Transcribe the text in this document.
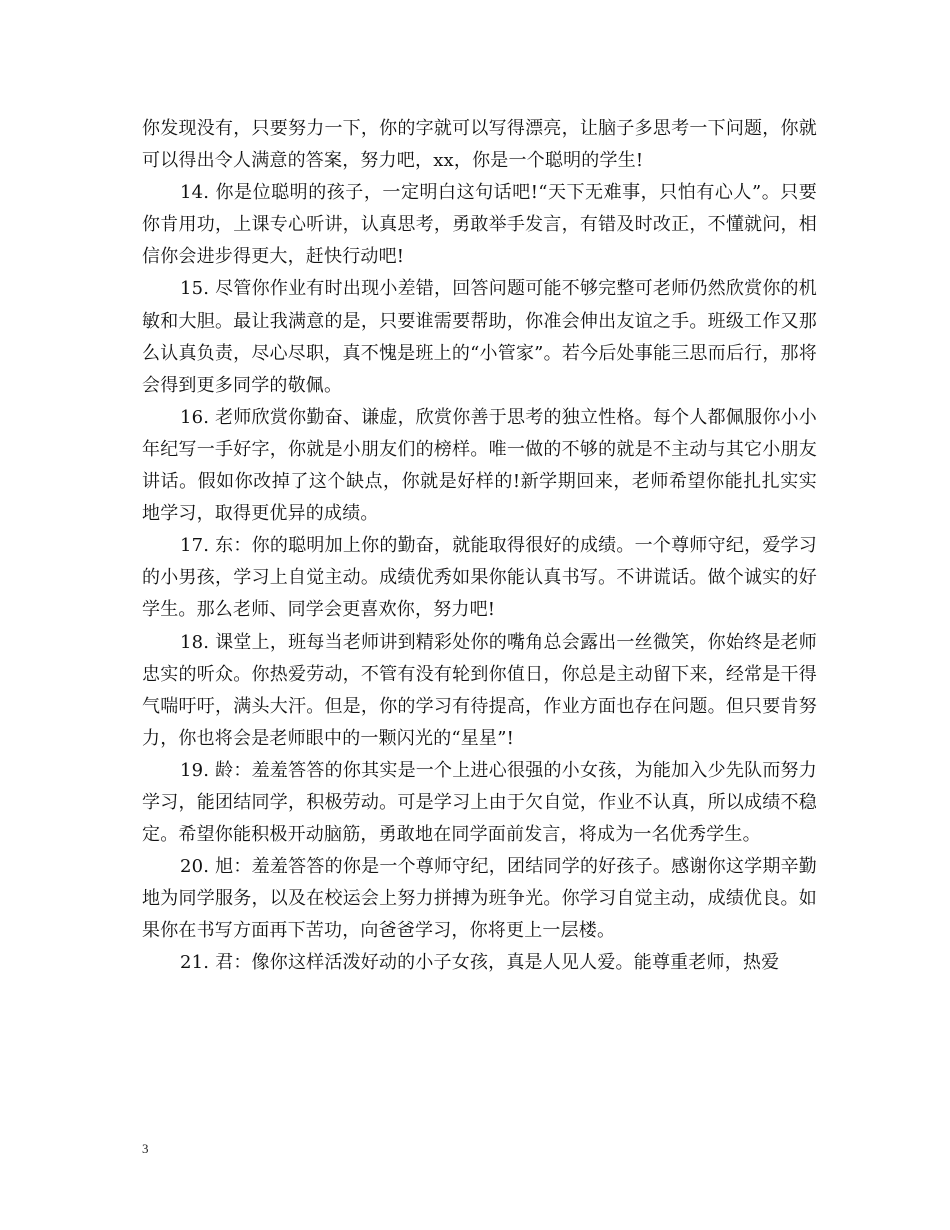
你发现没有，只要努力一下，你的字就可以写得漂亮，让脑子多思考一下问题，你就可以得出令人满意的答案，努力吧，xx，你是一个聪明的学生!

14. 你是位聪明的孩子，一定明白这句话吧!“天下无难事，只怕有心人”。只要你肯用功，上课专心听讲，认真思考，勇敢举手发言，有错及时改正，不懂就问，相信你会进步得更大，赶快行动吧!

15. 尽管你作业有时出现小差错，回答问题可能不够完整可老师仍然欣赏你的机敏和大胆。最让我满意的是，只要谁需要帮助，你准会伸出友谊之手。班级工作又那么认真负责，尽心尽职，真不愧是班上的“小管家”。若今后处事能三思而后行，那将会得到更多同学的敬佩。

16. 老师欣赏你勤奋、谦虚，欣赏你善于思考的独立性格。每个人都佩服你小小年纪写一手好字，你就是小朋友们的榜样。唯一做的不够的就是不主动与其它小朋友讲话。假如你改掉了这个缺点，你就是好样的!新学期回来，老师希望你能扎扎实实地学习，取得更优异的成绩。

17. 东：你的聪明加上你的勤奋，就能取得很好的成绩。一个尊师守纪，爱学习的小男孩，学习上自觉主动。成绩优秀如果你能认真书写。不讲谎话。做个诚实的好学生。那么老师、同学会更喜欢你，努力吧!

18. 课堂上，班每当老师讲到精彩处你的嘴角总会露出一丝微笑，你始终是老师忠实的听众。你热爱劳动，不管有没有轮到你值日，你总是主动留下来，经常是干得气喘吁吁，满头大汗。但是，你的学习有待提高，作业方面也存在问题。但只要肯努力，你也将会是老师眼中的一颗闪光的“星星”!

19. 龄：羞羞答答的你其实是一个上进心很强的小女孩，为能加入少先队而努力学习，能团结同学，积极劳动。可是学习上由于欠自觉，作业不认真，所以成绩不稳定。希望你能积极开动脑筋，勇敢地在同学面前发言，将成为一名优秀学生。

20. 旭：羞羞答答的你是一个尊师守纪，团结同学的好孩子。感谢你这学期辛勤地为同学服务，以及在校运会上努力拼搏为班争光。你学习自觉主动，成绩优良。如果你在书写方面再下苦功，向爸爸学习，你将更上一层楼。

21. 君：像你这样活泼好动的小子女孩，真是人见人爱。能尊重老师，热爱

3
